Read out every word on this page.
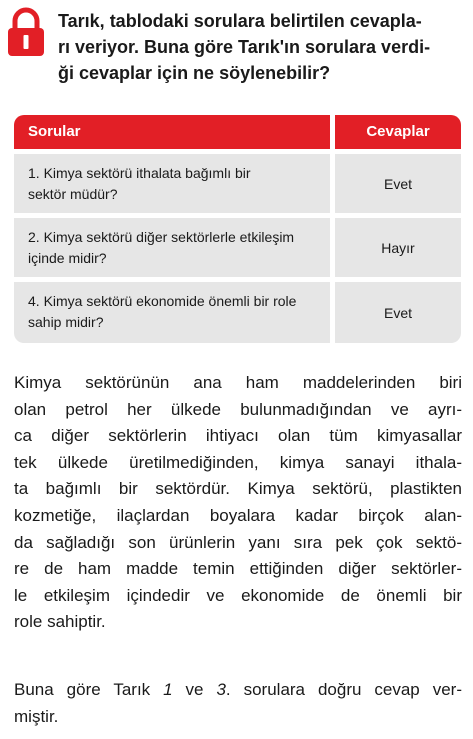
Tarık, tablodaki sorulara belirtilen cevapla-
rı veriyor. Buna göre Tarık'ın sorulara verdi-
ği cevaplar için ne söylenebilir?

Sorular	Cevaplar
1. Kimya sektörü ithalata bağımlı bir
sektör müdür?
Evet
2. Kimya sektörü diğer sektörlerle etkileşim
içinde midir?
Hayır
4. Kimya sektörü ekonomide önemli bir role
sahip midir?
Evet

Kimya sektörünün ana ham maddelerinden biri
olan petrol her ülkede bulunmadığından ve ayrı-
ca diğer sektörlerin ihtiyacı olan tüm kimyasallar
tek ülkede üretilmediğinden, kimya sanayi ithala-
ta bağımlı bir sektördür. Kimya sektörü, plastikten
kozmetiğe, ilaçlardan boyalara kadar birçok alan-
da sağladığı son ürünlerin yanı sıra pek çok sektö-
re de ham madde temin ettiğinden diğer sektörler-
le etkileşim içindedir ve ekonomide de önemli bir
role sahiptir.

Buna göre Tarık 1 ve 3. sorulara doğru cevap ver-
miştir.
